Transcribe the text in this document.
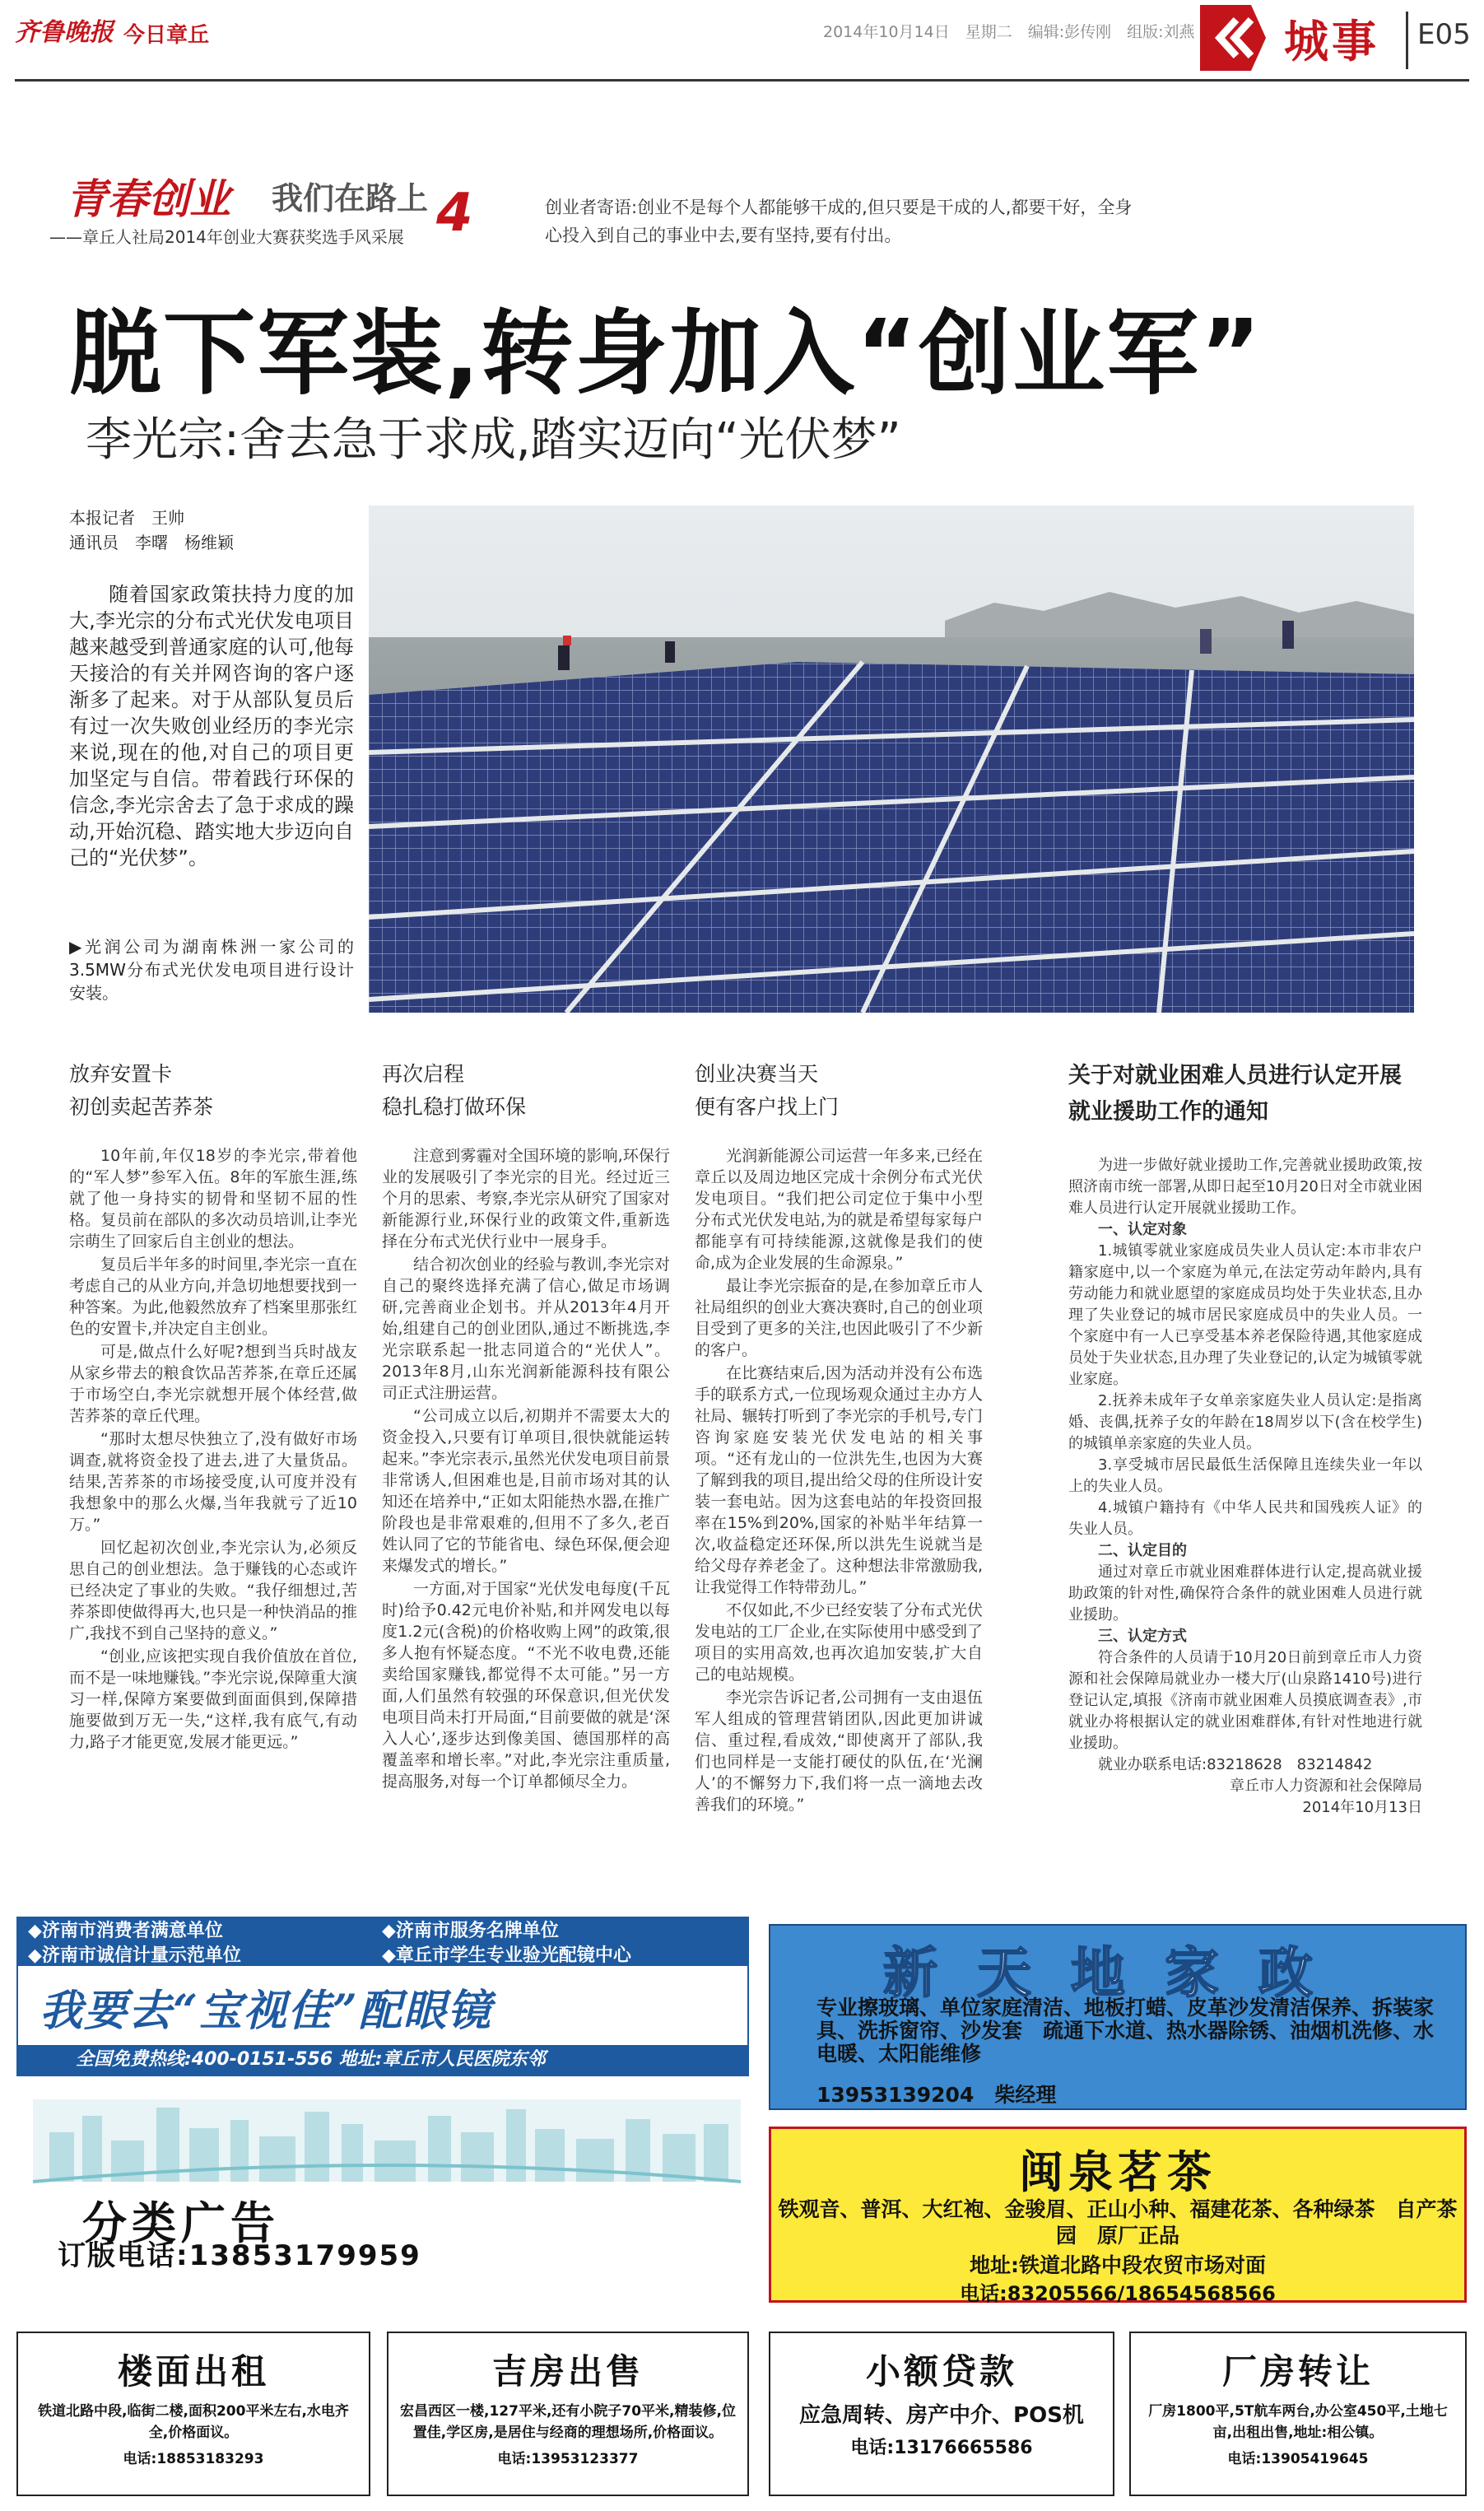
齐鲁晚报 今日章丘	2014年10月14日　星期二　编辑:彭传刚　组版:刘燕 城事 E05
青春创业 我们在路上 4
——章丘人社局2014年创业大赛获奖选手风采展
创业者寄语:创业不是每个人都能够干成的,但只要是干成的人,都要干好，全身心投入到自己的事业中去,要有坚持,要有付出。
脱下军装,转身加入“创业军”
李光宗:舍去急于求成,踏实迈向“光伏梦”
本报记者　王帅
通讯员　李曙　杨维颖

随着国家政策扶持力度的加大,李光宗的分布式光伏发电项目越来越受到普通家庭的认可,他每天接洽的有关并网咨询的客户逐渐多了起来。对于从部队复员后有过一次失败创业经历的李光宗来说,现在的他,对自己的项目更加坚定与自信。带着践行环保的信念,李光宗舍去了急于求成的躁动,开始沉稳、踏实地大步迈向自己的“光伏梦”。

▶光润公司为湖南株洲一家公司的3.5MW分布式光伏发电项目进行设计安装。

放弃安置卡
初创卖起苦荞茶

10年前,年仅18岁的李光宗,带着他的“军人梦”参军入伍。8年的军旅生涯,练就了他一身持实的韧骨和坚韧不屈的性格。复员前在部队的多次动员培训,让李光宗萌生了回家后自主创业的想法。

复员后半年多的时间里,李光宗一直在考虑自己的从业方向,并急切地想要找到一种答案。为此,他毅然放弃了档案里那张红色的安置卡,并决定自主创业。

可是,做点什么好呢?想到当兵时战友从家乡带去的粮食饮品苦荞茶,在章丘还属于市场空白,李光宗就想开展个体经营,做苦荞茶的章丘代理。

“那时太想尽快独立了,没有做好市场调查,就将资金投了进去,进了大量货品。结果,苦荞茶的市场接受度,认可度并没有我想象中的那么火爆,当年我就亏了近10万。”

回忆起初次创业,李光宗认为,必须反思自己的创业想法。急于赚钱的心态或许已经决定了事业的失败。“我仔细想过,苦荞茶即使做得再大,也只是一种快消品的推广,我找不到自己坚持的意义。”

“创业,应该把实现自我价值放在首位,而不是一味地赚钱。”李光宗说,保障重大演习一样,保障方案要做到面面俱到,保障措施要做到万无一失,“这样,我有底气,有动力,路子才能更宽,发展才能更远。”

再次启程
稳扎稳打做环保

注意到雾霾对全国环境的影响,环保行业的发展吸引了李光宗的目光。经过近三个月的思索、考察,李光宗从研究了国家对新能源行业,环保行业的政策文件,重新选择在分布式光伏行业中一展身手。

结合初次创业的经验与教训,李光宗对自己的聚终选择充满了信心,做足市场调研,完善商业企划书。并从2013年4月开始,组建自己的创业团队,通过不断挑选,李光宗联系起一批志同道合的“光伏人”。2013年8月,山东光润新能源科技有限公司正式注册运营。

“公司成立以后,初期并不需要太大的资金投入,只要有订单项目,很快就能运转起来。”李光宗表示,虽然光伏发电项目前景非常诱人,但困难也是,目前市场对其的认知还在培养中,“正如太阳能热水器,在推广阶段也是非常艰难的,但用不了多久,老百姓认同了它的节能省电、绿色环保,便会迎来爆发式的增长。”

一方面,对于国家“光伏发电每度(千瓦时)给予0.42元电价补贴,和并网发电以每度1.2元(含税)的价格收购上网”的政策,很多人抱有怀疑态度。“不光不收电费,还能卖给国家赚钱,都觉得不太可能。”另一方面,人们虽然有较强的环保意识,但光伏发电项目尚未打开局面,“目前要做的就是‘深入人心’,逐步达到像美国、德国那样的高覆盖率和增长率。”对此,李光宗注重质量,提高服务,对每一个订单都倾尽全力。

创业决赛当天
便有客户找上门

光润新能源公司运营一年多来,已经在章丘以及周边地区完成十余例分布式光伏发电项目。“我们把公司定位于集中小型分布式光伏发电站,为的就是希望每家每户都能享有可持续能源,这就像是我们的使命,成为企业发展的生命源泉。”

最让李光宗振奋的是,在参加章丘市人社局组织的创业大赛决赛时,自己的创业项目受到了更多的关注,也因此吸引了不少新的客户。

在比赛结束后,因为活动并没有公布选手的联系方式,一位现场观众通过主办方人社局、辗转打听到了李光宗的手机号,专门咨询家庭安装光伏发电站的相关事项。“还有龙山的一位洪先生,也因为大赛了解到我的项目,提出给父母的住所设计安装一套电站。因为这套电站的年投资回报率在15%到20%,国家的补贴半年结算一次,收益稳定还环保,所以洪先生说就当是给父母存养老金了。这种想法非常激励我,让我觉得工作特带劲儿。”

不仅如此,不少已经安装了分布式光伏发电站的工厂企业,在实际使用中感受到了项目的实用高效,也再次追加安装,扩大自己的电站规模。

李光宗告诉记者,公司拥有一支由退伍军人组成的管理营销团队,因此更加讲诚信、重过程,看成效,“即使离开了部队,我们也同样是一支能打硬仗的队伍,在‘光澜人’的不懈努力下,我们将一点一滴地去改善我们的环境。”

关于对就业困难人员进行认定开展就业援助工作的通知

为进一步做好就业援助工作,完善就业援助政策,按照济南市统一部署,从即日起至10月20日对全市就业困难人员进行认定开展就业援助工作。

一、认定对象

1.城镇零就业家庭成员失业人员认定:本市非农户籍家庭中,以一个家庭为单元,在法定劳动年龄内,具有劳动能力和就业愿望的家庭成员均处于失业状态,且办理了失业登记的城市居民家庭成员中的失业人员。一个家庭中有一人已享受基本养老保险待遇,其他家庭成员处于失业状态,且办理了失业登记的,认定为城镇零就业家庭。

2.抚养未成年子女单亲家庭失业人员认定:是指离婚、丧偶,抚养子女的年龄在18周岁以下(含在校学生)的城镇单亲家庭的失业人员。

3.享受城市居民最低生活保障且连续失业一年以上的失业人员。

4.城镇户籍持有《中华人民共和国残疾人证》的失业人员。

二、认定目的

通过对章丘市就业困难群体进行认定,提高就业援助政策的针对性,确保符合条件的就业困难人员进行就业援助。

三、认定方式

符合条件的人员请于10月20日前到章丘市人力资源和社会保障局就业办一楼大厅(山泉路1410号)进行登记认定,填报《济南市就业困难人员摸底调查表》,市就业办将根据认定的就业困难群体,有针对性地进行就业援助。

就业办联系电话:83218628　83214842

章丘市人力资源和社会保障局
2014年10月13日
◆济南市消费者满意单位	◆济南市服务名牌单位
◆济南市诚信计量示范单位	◆章丘市学生专业验光配镜中心
我要去“宝视佳”配眼镜
全国免费热线:400-0151-556 地址:章丘市人民医院东邻
新天地家政
专业擦玻璃、单位家庭清洁、地板打蜡、皮革沙发清洁保养、拆装家具、洗拆窗帘、沙发套　疏通下水道、热水器除锈、油烟机洗修、水电暖、太阳能维修
13953139204　柴经理
分类广告
订版电话:13853179959
闽泉茗茶
铁观音、普洱、大红袍、金骏眉、正山小种、福建花茶、各种绿茶　自产茶园　原厂正品
地址:铁道北路中段农贸市场对面
电话:83205566/18654568566
楼面出租
铁道北路中段,临街二楼,面积200平米左右,水电齐全,价格面议。
电话:18853183293
吉房出售
宏昌西区一楼,127平米,还有小院子70平米,精装修,位置佳,学区房,是居住与经商的理想场所,价格面议。
电话:13953123377
小额贷款
应急周转、房产中介、POS机
电话:13176665586
厂房转让
厂房1800平,5T航车两台,办公室450平,土地七亩,出租出售,地址:相公镇。
电话:13905419645
